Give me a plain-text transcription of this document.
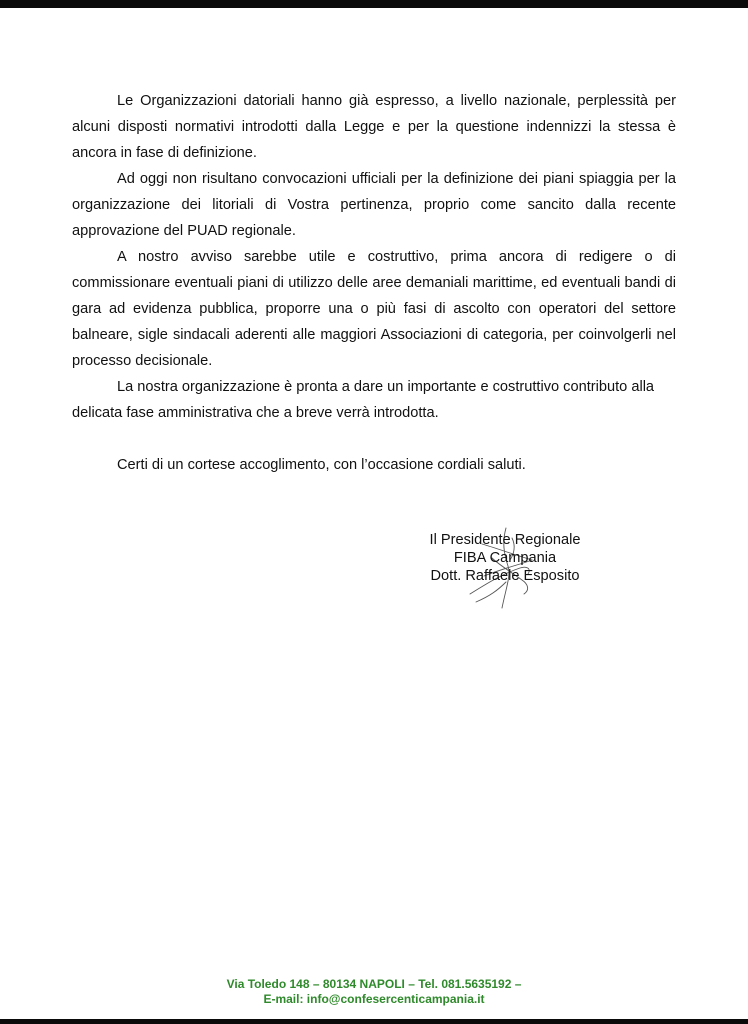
Le Organizzazioni datoriali hanno già espresso, a livello nazionale, perplessità per alcuni disposti normativi introdotti dalla Legge e per la questione indennizzi la stessa è ancora in fase di definizione.

Ad oggi non risultano convocazioni ufficiali per la definizione dei piani spiaggia per la organizzazione dei litoriali di Vostra pertinenza, proprio come sancito dalla recente approvazione del PUAD regionale.

A nostro avviso sarebbe utile e costruttivo, prima ancora di redigere o di commissionare eventuali piani di utilizzo delle aree demaniali marittime, ed eventuali bandi di gara ad evidenza pubblica, proporre una o più fasi di ascolto con operatori del settore balneare, sigle sindacali aderenti alle maggiori Associazioni di categoria, per coinvolgerli nel processo decisionale.

La nostra organizzazione è pronta a dare un importante e costruttivo contributo alla delicata fase amministrativa che a breve verrà introdotta.

Certi di un cortese accoglimento, con l’occasione cordiali saluti.
Il Presidente Regionale
FIBA Campania
Dott. Raffaele Esposito
Via Toledo 148 – 80134 NAPOLI – Tel. 081.5635192 –
E-mail: info@confesercenticampania.it
